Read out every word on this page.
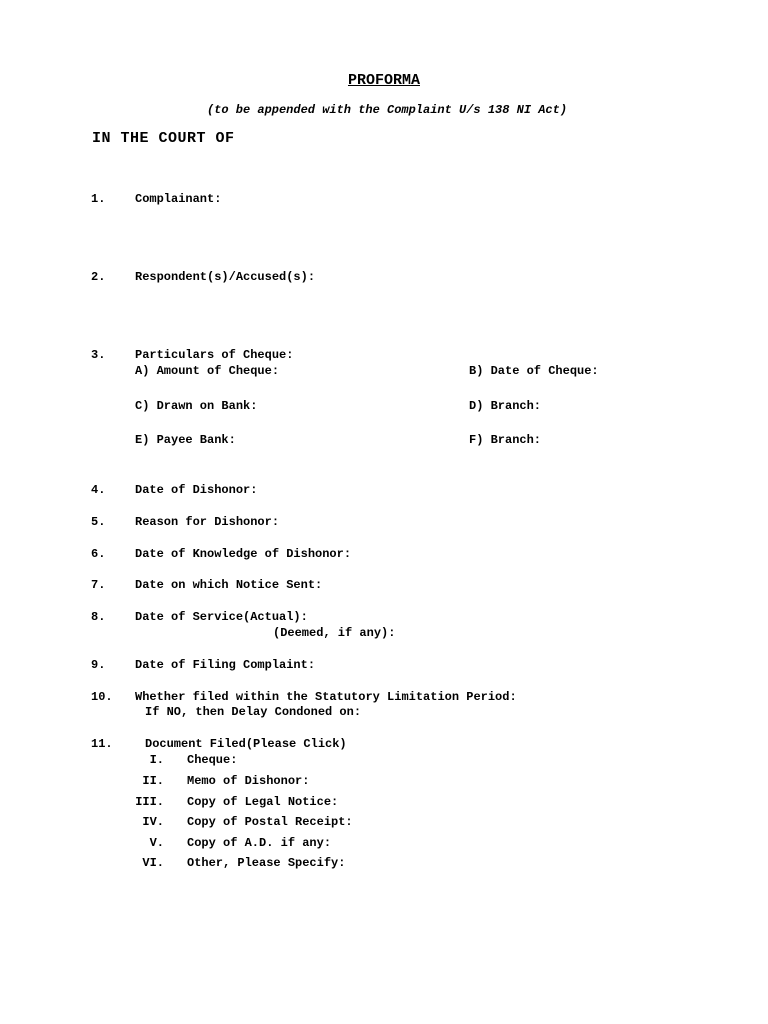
PROFORMA
(to be appended with the Complaint U/s 138 NI Act)
IN THE COURT OF
1. Complainant:
2. Respondent(s)/Accused(s):
3. Particulars of Cheque:
A) Amount of Cheque:	B) Date of Cheque:
C) Drawn on Bank:	D) Branch:
E) Payee Bank:	F) Branch:
4. Date of Dishonor:
5. Reason for Dishonor:
6. Date of Knowledge of Dishonor:
7. Date on which Notice Sent:
8. Date of Service(Actual):
(Deemed, if any):
9. Date of Filing Complaint:
10. Whether filed within the Statutory Limitation Period:
If NO, then Delay Condoned on:
11.	Document Filed(Please Click)
I. Cheque:
II. Memo of Dishonor:
III. Copy of Legal Notice:
IV. Copy of Postal Receipt:
V. Copy of A.D. if any:
VI. Other, Please Specify:
